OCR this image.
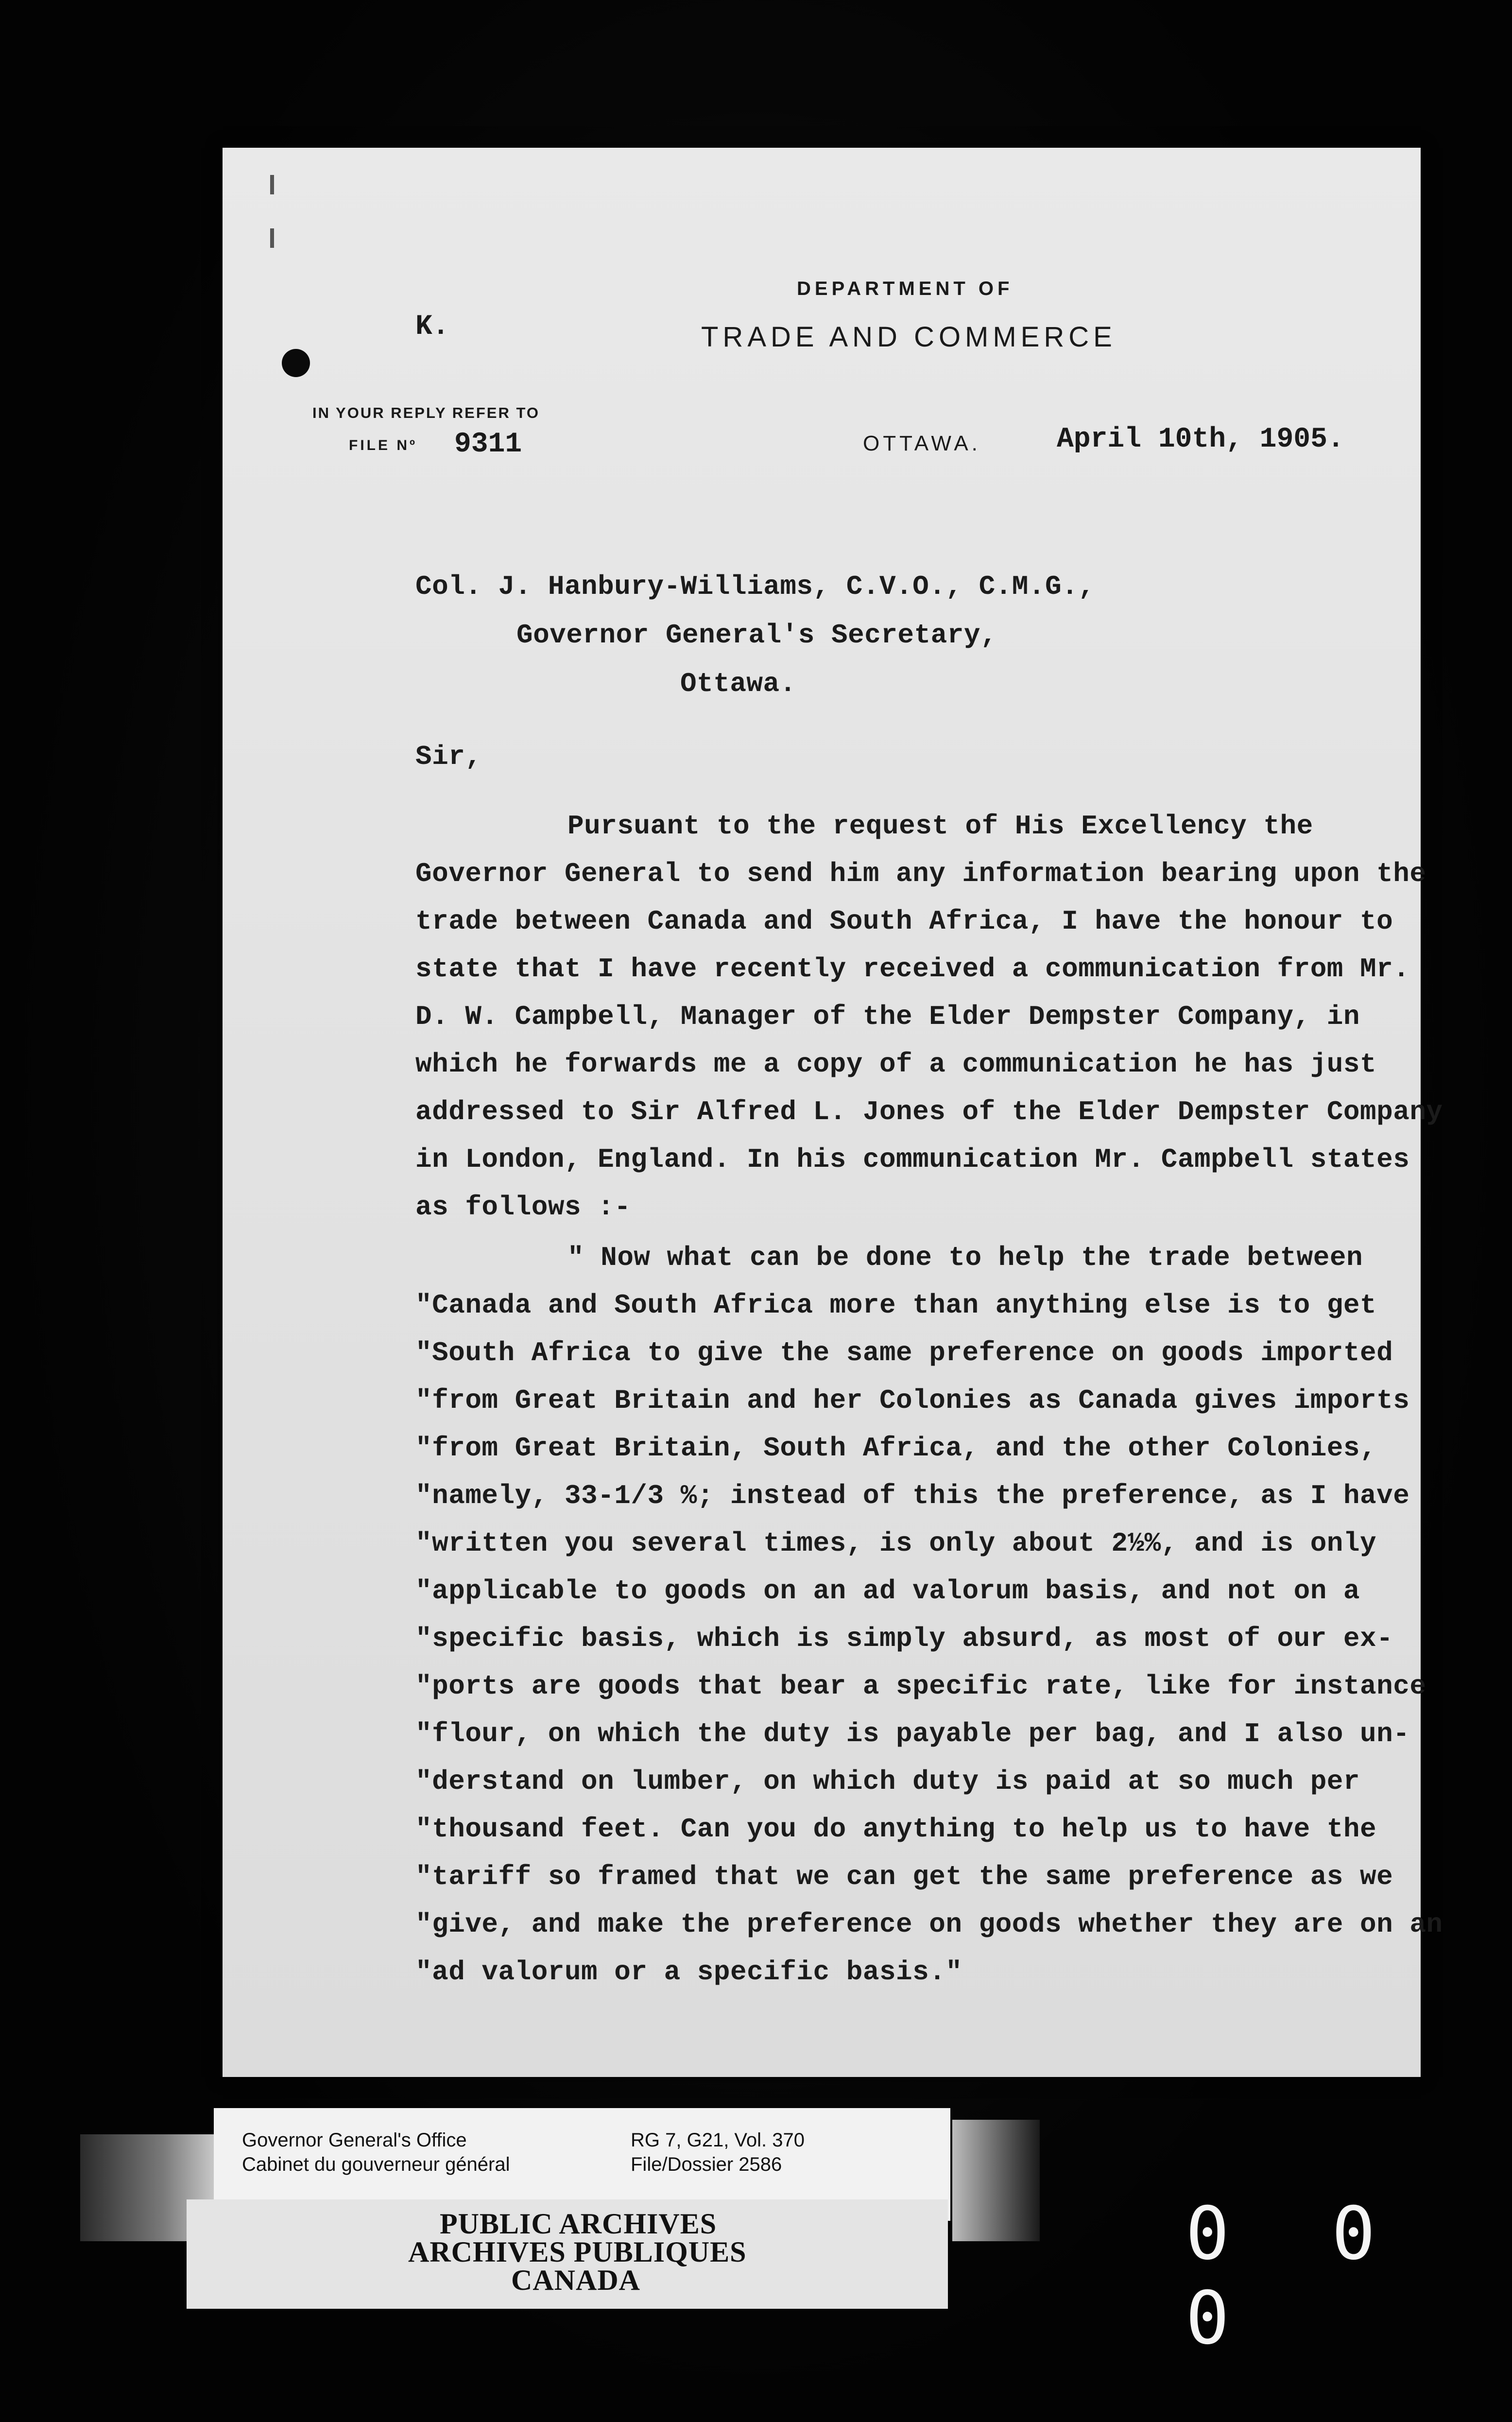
K.
DEPARTMENT OF
TRADE AND COMMERCE
IN YOUR REPLY REFER TO
FILE Nº 9311	OTTAWA.	April 10th, 1905.
Col. J. Hanbury-Williams, C.V.O., C.M.G.,
Governor General's Secretary,
Ottawa.
Sir,
Pursuant to the request of His Excellency the
Governor General to send him any information bearing upon the
trade between Canada and South Africa, I have the honour to
state that I have recently received a communication from Mr.
D. W. Campbell, Manager of the Elder Dempster Company, in
which he forwards me a copy of a communication he has just
addressed to Sir Alfred L. Jones of the Elder Dempster Company
in London, England. In his communication Mr. Campbell states
as follows :-
" Now what can be done to help the trade between
"Canada and South Africa more than anything else is to get
"South Africa to give the same preference on goods imported
"from Great Britain and her Colonies as Canada gives imports
"from Great Britain, South Africa, and the other Colonies,
"namely, 33-1/3 %; instead of this the preference, as I have
"written you several times, is only about 2½%, and is only
"applicable to goods on an ad valorum basis, and not on a
"specific basis, which is simply absurd, as most of our ex-
"ports are goods that bear a specific rate, like for instance
"flour, on which the duty is payable per bag, and I also un-
"derstand on lumber, on which duty is paid at so much per
"thousand feet. Can you do anything to help us to have the
"tariff so framed that we can get the same preference as we
"give, and make the preference on goods whether they are on an
"ad valorum or a specific basis."
Governor General's Office
Cabinet du gouverneur général
RG 7, G21, Vol. 370
File/Dossier 2586
PUBLIC ARCHIVES
ARCHIVES PUBLIQUES
CANADA
0 0 0
